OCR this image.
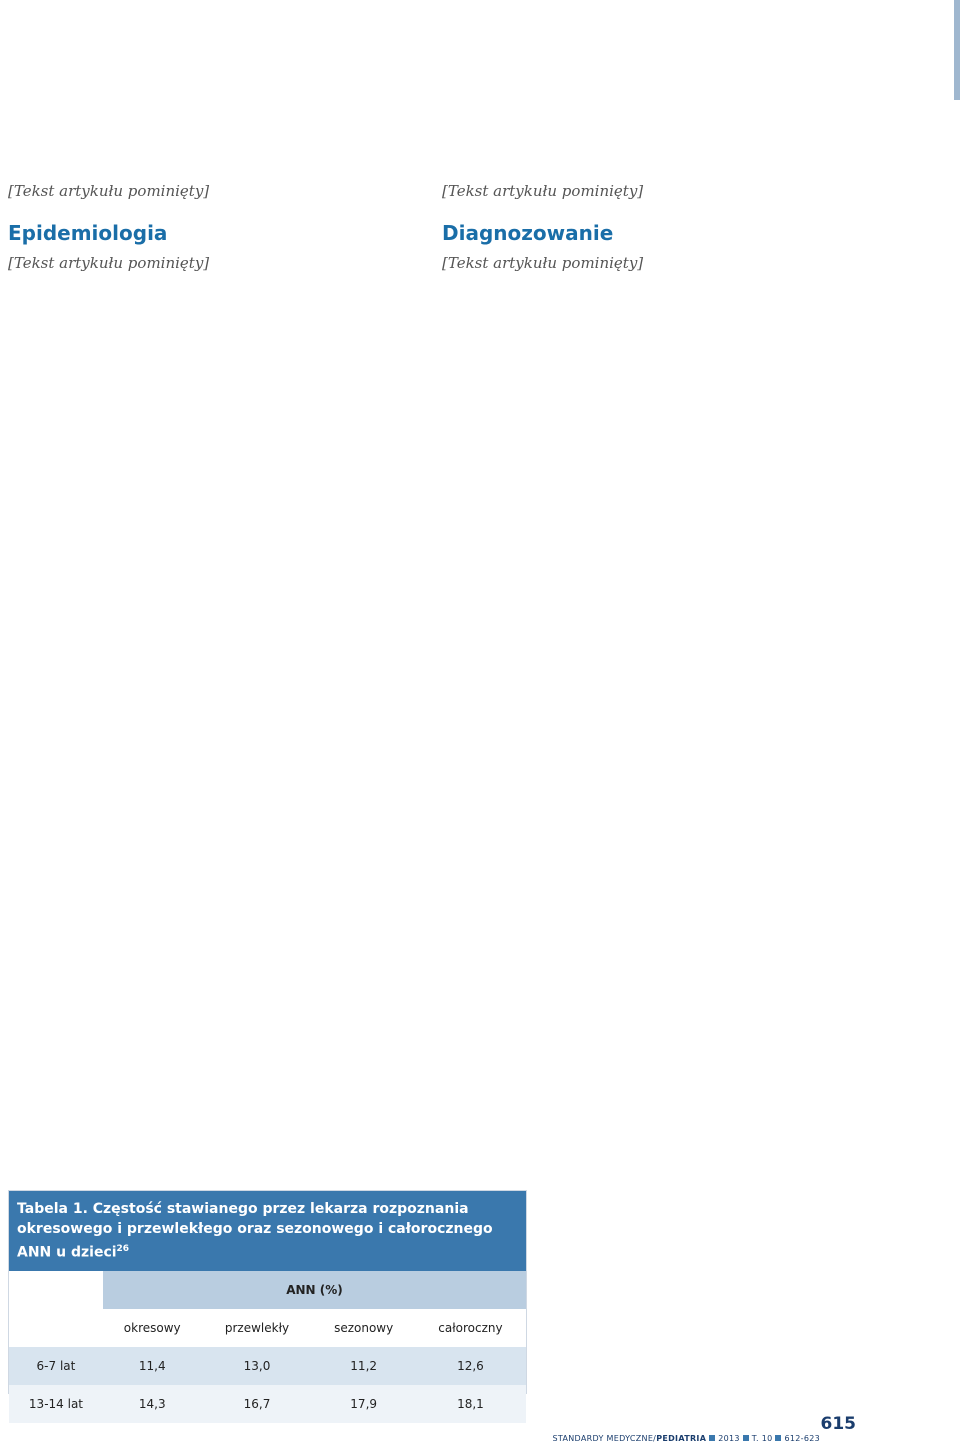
[Tekst artykułu pominięty]

Epidemiologia

[Tekst artykułu pominięty]

[Tekst artykułu pominięty]

Diagnozowanie

[Tekst artykułu pominięty]

Tabela 1. Częstość stawianego przez lekarza rozpoznania okresowego i przewlekłego oraz sezonowego i całorocznego ANN u dzieci$^{26}$
	ANN (%)			
	okresowy	przewlekły	sezonowy	całoroczny
6-7 lat	11,4	13,0	11,2	12,6
13-14 lat	14,3	16,7	17,9	18,1
STANDARDY MEDYCZNE/PEDIATRIA 2013 T. 10 612-623
615
